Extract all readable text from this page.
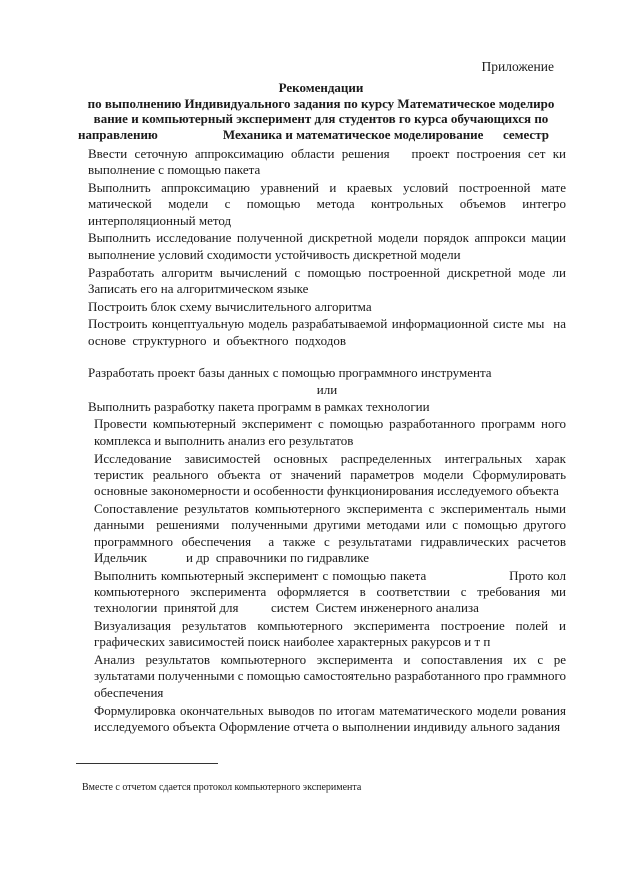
Приложение
Рекомендации
по выполнению Индивидуального задания по курсу Математическое моделиро
вание и компьютерный эксперимент для студентов го курса обучающихся по
направлению                    Механика и математическое моделирование      семестр

Ввести сеточную аппроксимацию области решения   проект построения сет ки       выполнение с помощью пакета

Выполнить аппроксимацию уравнений и краевых условий построенной мате матической модели с помощью метода контрольных объемов интегро интерполяционный метод

Выполнить исследование полученной дискретной модели порядок аппрокси мации выполнение условий сходимости устойчивость дискретной модели

Разработать алгоритм вычислений с помощью построенной дискретной моде ли Записать его на алгоритмическом языке

Построить блок схему вычислительного алгоритма

Построить концептуальную модель разрабатываемой информационной систе мы  на  основе  структурного  и  объектного  подходов

Разработать проект базы данных с помощью программного инструмента

или

Выполнить разработку пакета программ в рамках технологии

Провести компьютерный эксперимент с помощью разработанного программ ного комплекса и выполнить анализ его результатов

Исследование зависимостей основных распределенных интегральных харак теристик реального объекта от значений параметров модели Сформулировать основные закономерности и особенности функционирования исследуемого объекта

Сопоставление результатов компьютерного эксперимента с эксперименталь ными данными  решениями  полученными другими методами или с помощью другого программного обеспечения  а также с результатами гидравлических расчетов  Идельчик            и др  справочники по гидравлике

Выполнить компьютерный эксперимент с помощью пакета                    Прото кол компьютерного эксперимента оформляется в соответствии с требования ми технологии  принятой для          систем  Систем инженерного анализа

Визуализация результатов компьютерного эксперимента построение полей и графических зависимостей поиск наиболее характерных ракурсов и т п

Анализ результатов компьютерного эксперимента и сопоставления их с ре зультатами полученными с помощью самостоятельно разработанного про граммного обеспечения

Формулировка окончательных выводов по итогам математического модели рования исследуемого объекта Оформление отчета о выполнении индивиду ального задания

Вместе с отчетом сдается протокол компьютерного эксперимента
